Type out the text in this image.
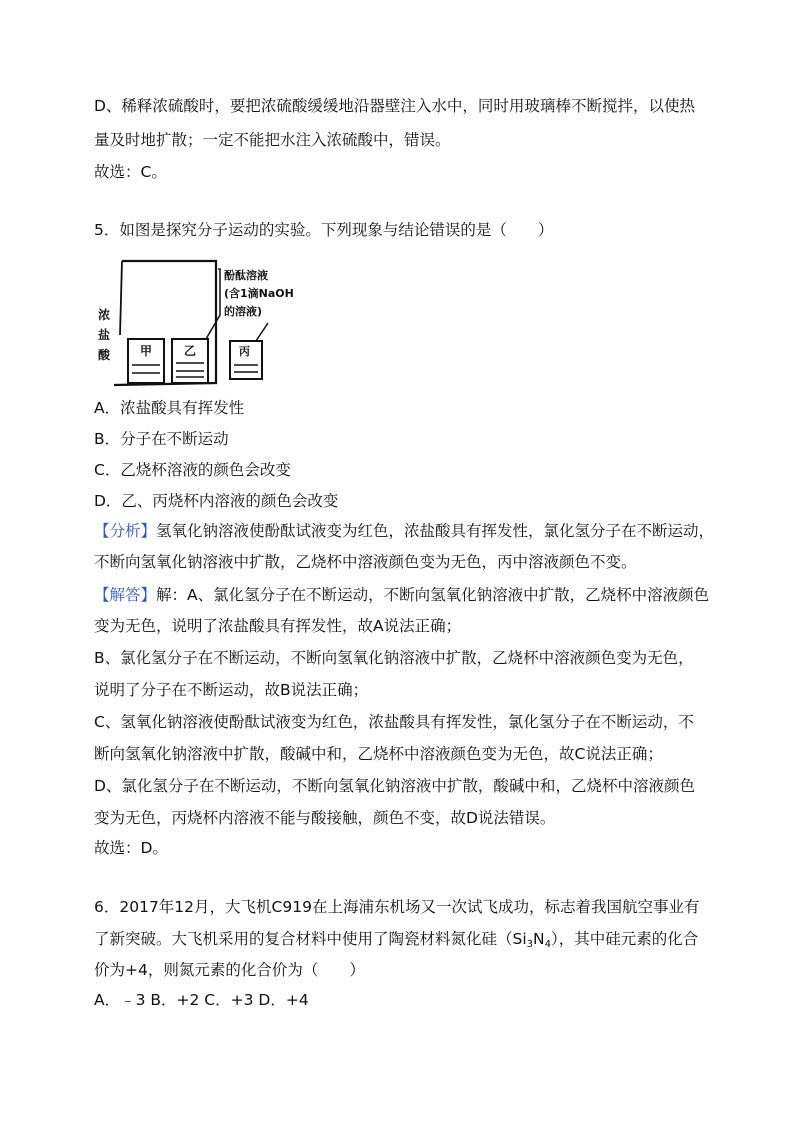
D、稀释浓硫酸时，要把浓硫酸缓缓地沿器壁注入水中，同时用玻璃棒不断搅拌，以使热
量及时地扩散；一定不能把水注入浓硫酸中，错误。
故选：C。
5．如图是探究分子运动的实验。下列现象与结论错误的是（　　）
甲	乙	丙
浓
盐
酸
酚酞溶液
(含1滴NaOH
的溶液)
A．浓盐酸具有挥发性
B．分子在不断运动
C．乙烧杯溶液的颜色会改变
D．乙、丙烧杯内溶液的颜色会改变
【分析】氢氧化钠溶液使酚酞试液变为红色，浓盐酸具有挥发性，氯化氢分子在不断运动，
不断向氢氧化钠溶液中扩散，乙烧杯中溶液颜色变为无色，丙中溶液颜色不变。
【解答】解：A、氯化氢分子在不断运动，不断向氢氧化钠溶液中扩散，乙烧杯中溶液颜色
变为无色，说明了浓盐酸具有挥发性，故A说法正确；
B、氯化氢分子在不断运动，不断向氢氧化钠溶液中扩散，乙烧杯中溶液颜色变为无色，
说明了分子在不断运动，故B说法正确；
C、氢氧化钠溶液使酚酞试液变为红色，浓盐酸具有挥发性，氯化氢分子在不断运动，不
断向氢氧化钠溶液中扩散，酸碱中和，乙烧杯中溶液颜色变为无色，故C说法正确；
D、氯化氢分子在不断运动，不断向氢氧化钠溶液中扩散，酸碱中和，乙烧杯中溶液颜色
变为无色，丙烧杯内溶液不能与酸接触，颜色不变，故D说法错误。
故选：D。
6．2017年12月，大飞机C919在上海浦东机场又一次试飞成功，标志着我国航空事业有
了新突破。大飞机采用的复合材料中使用了陶瓷材料氮化硅$(Si_3N_4)$，其中硅元素的化合
价为+4，则氮元素的化合价为（　　）
A．﹣3 B．+2 C．+3 D．+4
